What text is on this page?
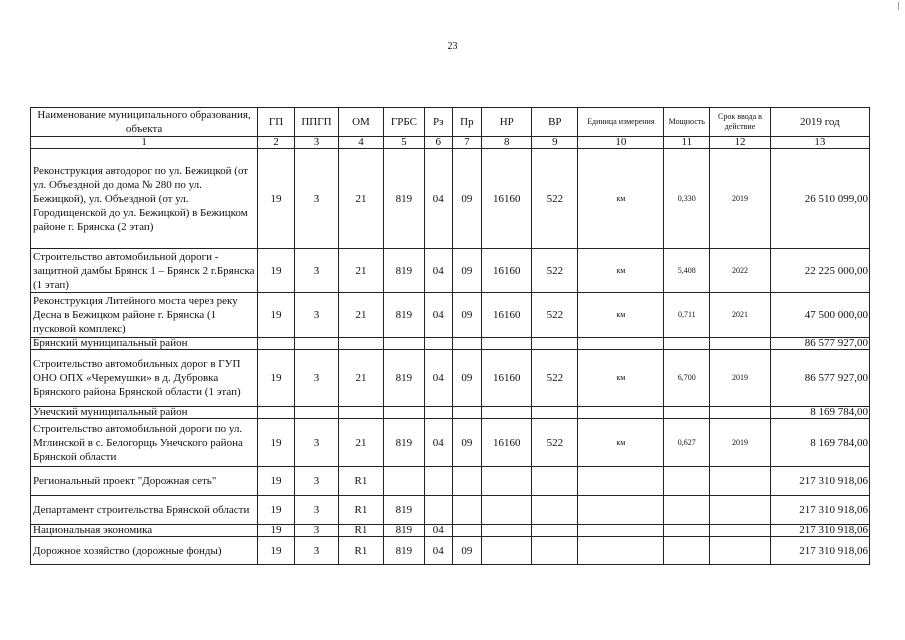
23
Наименование муниципального образования, объекта	ГП	ППГП	ОМ	ГРБС	Рз	Пр	НР	ВР	Единица измерения	Мощность	Срок ввода в действие	2019 год
1	2	3	4	5	6	7	8	9	10	11	12	13
Реконструкция автодорог по ул. Бежицкой (от ул. Объездной до дома № 280 по ул. Бежицкой), ул. Объездной (от ул. Городищенской до ул. Бежицкой) в Бежицком районе г. Брянска (2 этап)	19	3	21	819	04	09	16160	522	км	0,330	2019	26 510 099,00
Строительство автомобильной дороги - защитной дамбы Брянск 1 – Брянск 2 г.Брянска (1 этап)	19	3	21	819	04	09	16160	522	км	5,408	2022	22 225 000,00
Реконструкция Литейного моста через реку Десна в Бежицком районе г. Брянска (1 пусковой комплекс)	19	3	21	819	04	09	16160	522	км	0,711	2021	47 500 000,00
Брянский муниципальный район												86 577 927,00
Строительство автомобильных дорог в ГУП ОНО ОПХ «Черемушки» в д. Дубровка Брянского района Брянской области (1 этап)	19	3	21	819	04	09	16160	522	км	6,700	2019	86 577 927,00
Унечский муниципальный район												8 169 784,00
Строительство автомобильной дороги по ул. Мглинской в с. Белогорщь Унечского района Брянской области	19	3	21	819	04	09	16160	522	км	0,627	2019	8 169 784,00
Региональный проект "Дорожная сеть"	19	3	R1									217 310 918,06
Департамент строительства Брянской области	19	3	R1	819								217 310 918,06
Национальная экономика	19	3	R1	819	04							217 310 918,06
Дорожное хозяйство (дорожные фонды)	19	3	R1	819	04	09						217 310 918,06
